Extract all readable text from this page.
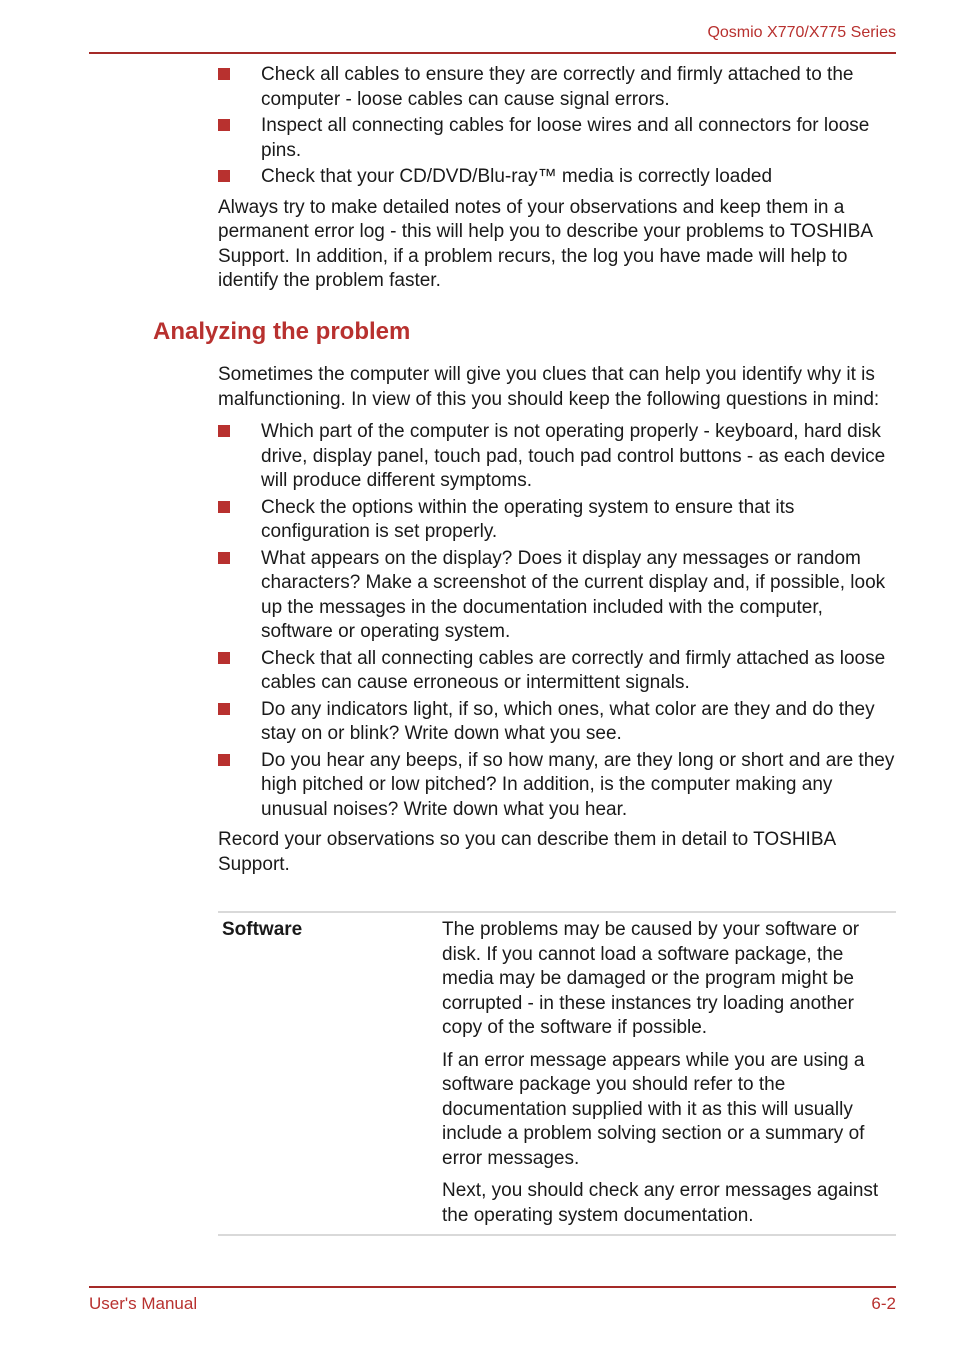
Qosmio X770/X775 Series
Check all cables to ensure they are correctly and firmly attached to the computer - loose cables can cause signal errors.
Inspect all connecting cables for loose wires and all connectors for loose pins.
Check that your CD/DVD/Blu-ray™ media is correctly loaded

Always try to make detailed notes of your observations and keep them in a permanent error log - this will help you to describe your problems to TOSHIBA Support. In addition, if a problem recurs, the log you have made will help to identify the problem faster.

Analyzing the problem

Sometimes the computer will give you clues that can help you identify why it is malfunctioning. In view of this you should keep the following questions in mind:

Which part of the computer is not operating properly - keyboard, hard disk drive, display panel, touch pad, touch pad control buttons - as each device will produce different symptoms.
Check the options within the operating system to ensure that its configuration is set properly.
What appears on the display? Does it display any messages or random characters? Make a screenshot of the current display and, if possible, look up the messages in the documentation included with the computer, software or operating system.
Check that all connecting cables are correctly and firmly attached as loose cables can cause erroneous or intermittent signals.
Do any indicators light, if so, which ones, what color are they and do they stay on or blink? Write down what you see.
Do you hear any beeps, if so how many, are they long or short and are they high pitched or low pitched? In addition, is the computer making any unusual noises? Write down what you hear.

Record your observations so you can describe them in detail to TOSHIBA Support.

Software	The problems may be caused by your software or disk. If you cannot load a software package, the media may be damaged or the program might be corrupted - in these instances try loading another copy of the software if possible.

If an error message appears while you are using a software package you should refer to the documentation supplied with it as this will usually include a problem solving section or a summary of error messages.

Next, you should check any error messages against the operating system documentation.

User's Manual	6-2
